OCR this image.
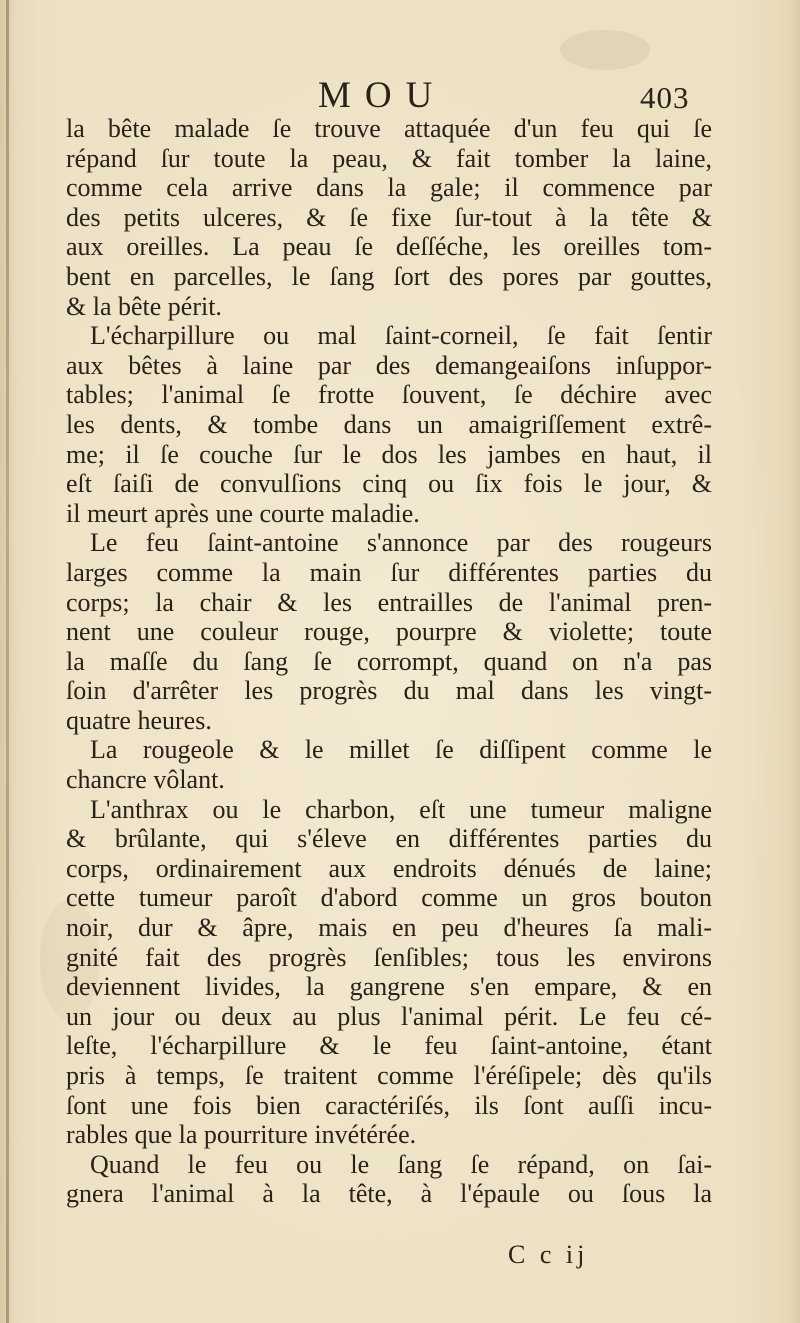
MOU	403
la bête malade ſe trouve attaquée d'un feu qui ſe
répand ſur toute la peau, & fait tomber la laine,
comme cela arrive dans la gale; il commence par
des petits ulceres, & ſe fixe ſur-tout à la tête &
aux oreilles. La peau ſe deſſéche, les oreilles tom-
bent en parcelles, le ſang ſort des pores par gouttes,
& la bête périt.
L'écharpillure ou mal ſaint-corneil, ſe fait ſentir
aux bêtes à laine par des demangeaiſons inſuppor-
tables; l'animal ſe frotte ſouvent, ſe déchire avec
les dents, & tombe dans un amaigriſſement extrê-
me; il ſe couche ſur le dos les jambes en haut, il
eſt ſaiſi de convulſions cinq ou ſix fois le jour, &
il meurt après une courte maladie.
Le feu ſaint-antoine s'annonce par des rougeurs
larges comme la main ſur différentes parties du
corps; la chair & les entrailles de l'animal pren-
nent une couleur rouge, pourpre & violette; toute
la maſſe du ſang ſe corrompt, quand on n'a pas
ſoin d'arrêter les progrès du mal dans les vingt-
quatre heures.
La rougeole & le millet ſe diſſipent comme le
chancre vôlant.
L'anthrax ou le charbon, eſt une tumeur maligne
& brûlante, qui s'éleve en différentes parties du
corps, ordinairement aux endroits dénués de laine;
cette tumeur paroît d'abord comme un gros bouton
noir, dur & âpre, mais en peu d'heures ſa mali-
gnité fait des progrès ſenſibles; tous les environs
deviennent livides, la gangrene s'en empare, & en
un jour ou deux au plus l'animal périt. Le feu cé-
leſte, l'écharpillure & le feu ſaint-antoine, étant
pris à temps, ſe traitent comme l'éréſipele; dès qu'ils
ſont une fois bien caractériſés, ils ſont auſſi incu-
rables que la pourriture invétérée.
Quand le feu ou le ſang ſe répand, on ſai-
gnera l'animal à la tête, à l'épaule ou ſous la
C c ij
